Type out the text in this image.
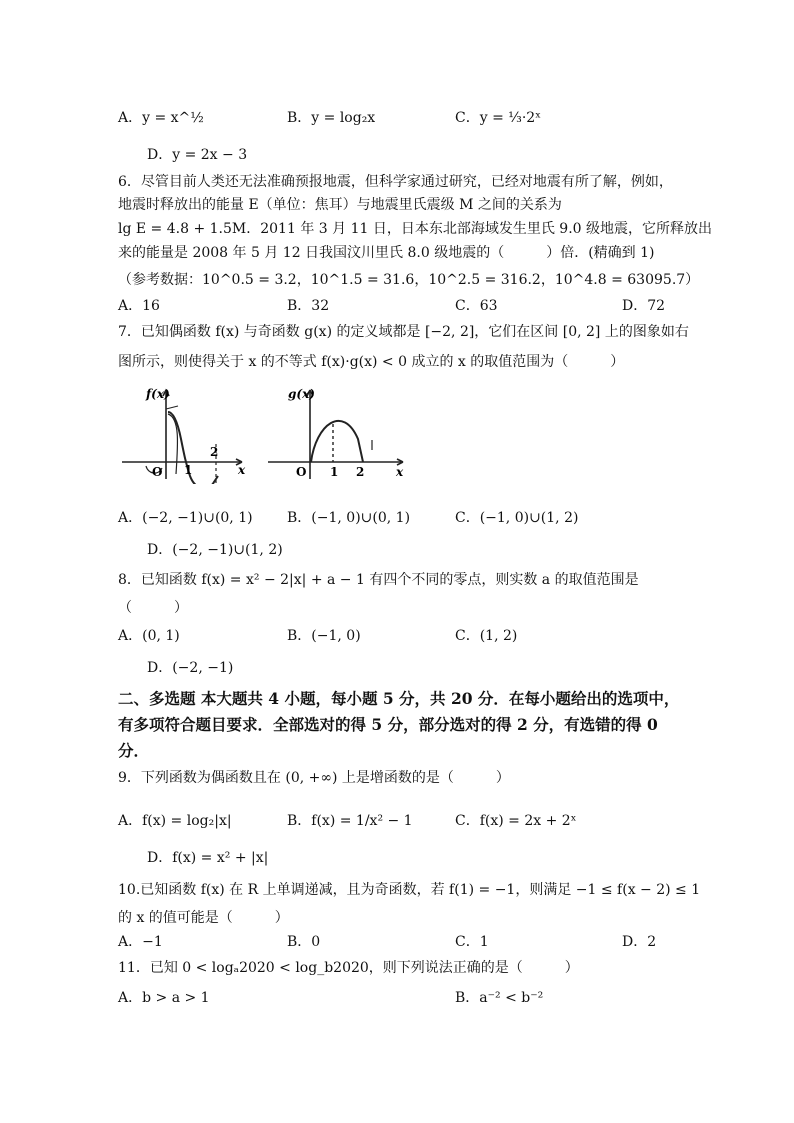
A．y = x^½	B．y = log₂x	C．y = ⅓·2ˣ
D．y = 2x − 3
6．尽管目前人类还无法准确预报地震，但科学家通过研究，已经对地震有所了解，例如，
地震时释放出的能量 E（单位：焦耳）与地震里氏震级 M 之间的关系为
lg E = 4.8 + 1.5M．2011 年 3 月 11 日，日本东北部海域发生里氏 9.0 级地震，它所释放出
来的能量是 2008 年 5 月 12 日我国汶川里氏 8.0 级地震的（　　　）倍．(精确到 1)
（参考数据：10^0.5 = 3.2，10^1.5 = 31.6，10^2.5 = 316.2，10^4.8 = 63095.7）
A．16	B．32	C．63	D．72
7．已知偶函数 f(x) 与奇函数 g(x) 的定义域都是 [−2, 2]，它们在区间 [0, 2] 上的图象如右
图所示，则使得关于 x 的不等式 f(x)·g(x) < 0 成立的 x 的取值范围为（　　　）
f(x)
O 1
2
x
g(x)
O 1 2	x
A．(−2, −1)∪(0, 1) B．(−1, 0)∪(0, 1)	C．(−1, 0)∪(1, 2)
D．(−2, −1)∪(1, 2)
8．已知函数 f(x) = x² − 2|x| + a − 1 有四个不同的零点，则实数 a 的取值范围是
（　　　）
A．(0, 1)	B．(−1, 0)	C．(1, 2)
D．(−2, −1)
二、多选题 本大题共 4 小题，每小题 5 分，共 20 分．在每小题给出的选项中，
有多项符合题目要求．全部选对的得 5 分，部分选对的得 2 分，有选错的得 0
分．
9．下列函数为偶函数且在 (0, +∞) 上是增函数的是（　　　）
A．f(x) = log₂|x|	B．f(x) = 1/x² − 1	C．f(x) = 2x + 2ˣ
D．f(x) = x² + |x|
10.已知函数 f(x) 在 R 上单调递减，且为奇函数，若 f(1) = −1，则满足 −1 ≤ f(x − 2) ≤ 1
的 x 的值可能是（　　　）
A．−1	B．0	C．1	D．2
11．已知 0 < logₐ2020 < log_b2020，则下列说法正确的是（　　　）
A．b > a > 1	B．a⁻² < b⁻²
